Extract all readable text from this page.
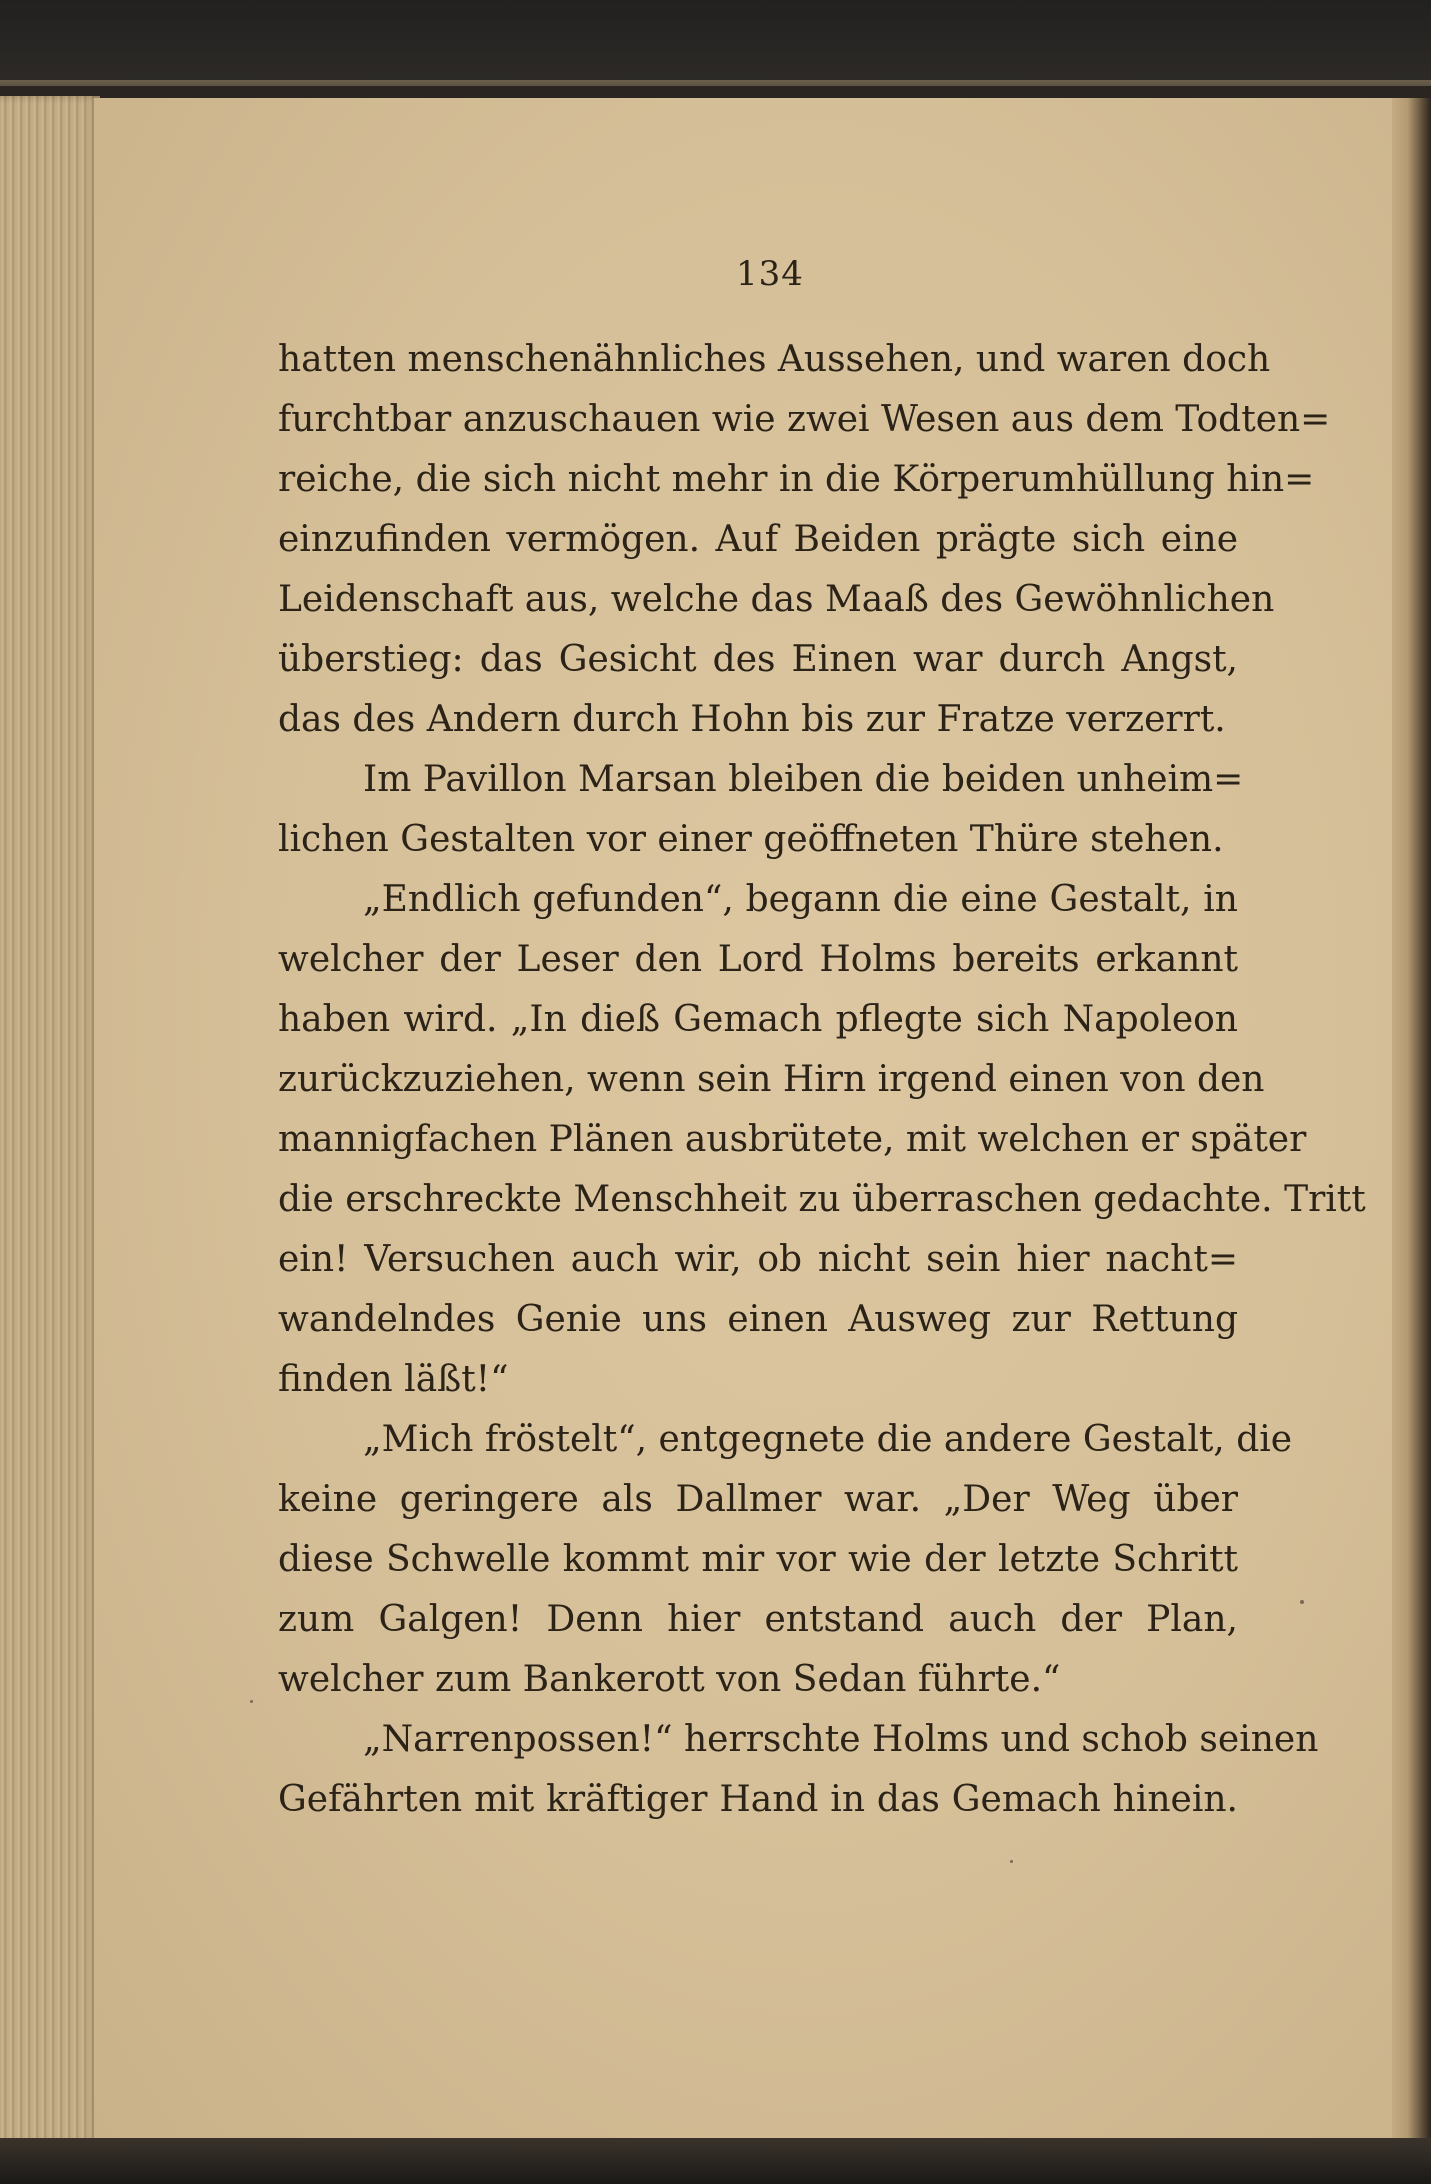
134
hatten menschenähnliches Aussehen, und waren doch
furchtbar anzuschauen wie zwei Wesen aus dem Todten=
reiche, die sich nicht mehr in die Körperumhüllung hin=
einzufinden vermögen. Auf Beiden prägte sich eine
Leidenschaft aus, welche das Maaß des Gewöhnlichen
überstieg: das Gesicht des Einen war durch Angst,
das des Andern durch Hohn bis zur Fratze verzerrt.
Im Pavillon Marsan bleiben die beiden unheim=
lichen Gestalten vor einer geöffneten Thüre stehen.
„Endlich gefunden“, begann die eine Gestalt, in
welcher der Leser den Lord Holms bereits erkannt
haben wird. „In dieß Gemach pflegte sich Napoleon
zurückzuziehen, wenn sein Hirn irgend einen von den
mannigfachen Plänen ausbrütete, mit welchen er später
die erschreckte Menschheit zu überraschen gedachte. Tritt
ein! Versuchen auch wir, ob nicht sein hier nacht=
wandelndes Genie uns einen Ausweg zur Rettung
finden läßt!“
„Mich fröstelt“, entgegnete die andere Gestalt, die
keine geringere als Dallmer war. „Der Weg über
diese Schwelle kommt mir vor wie der letzte Schritt
zum Galgen! Denn hier entstand auch der Plan,
welcher zum Bankerott von Sedan führte.“
„Narrenpossen!“ herrschte Holms und schob seinen
Gefährten mit kräftiger Hand in das Gemach hinein.
